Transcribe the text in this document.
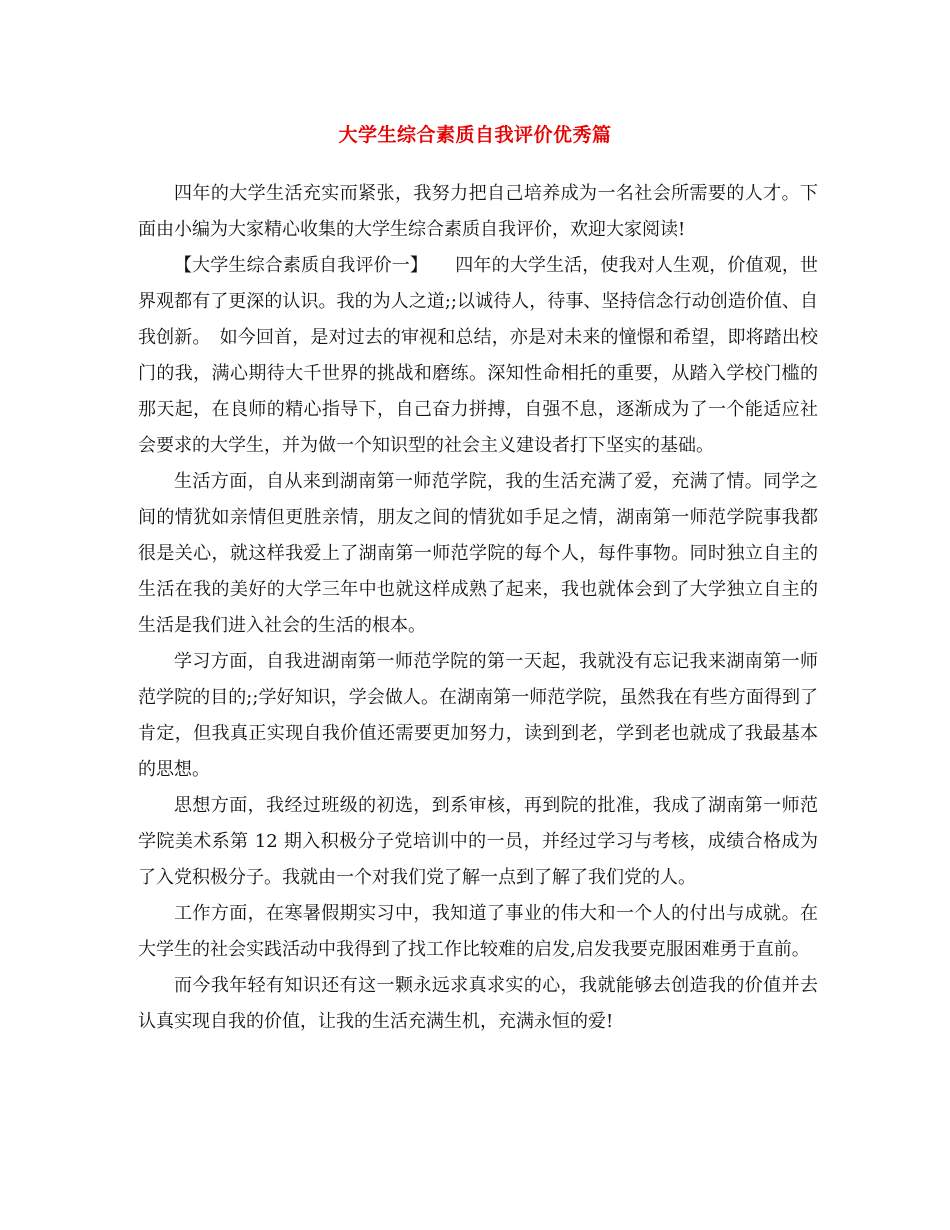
大学生综合素质自我评价优秀篇

四年的大学生活充实而紧张，我努力把自己培养成为一名社会所需要的人才。下面由小编为大家精心收集的大学生综合素质自我评价，欢迎大家阅读!

【大学生综合素质自我评价一】　　四年的大学生活，使我对人生观，价值观，世界观都有了更深的认识。我的为人之道;;以诚待人，待事、坚持信念行动创造价值、自我创新。　如今回首，是对过去的审视和总结，亦是对未来的憧憬和希望，即将踏出校门的我，满心期待大千世界的挑战和磨练。深知性命相托的重要，从踏入学校门槛的那天起，在良师的精心指导下，自己奋力拼搏，自强不息，逐渐成为了一个能适应社会要求的大学生，并为做一个知识型的社会主义建设者打下坚实的基础。

生活方面，自从来到湖南第一师范学院，我的生活充满了爱，充满了情。同学之间的情犹如亲情但更胜亲情，朋友之间的情犹如手足之情，湖南第一师范学院事我都很是关心，就这样我爱上了湖南第一师范学院的每个人，每件事物。同时独立自主的生活在我的美好的大学三年中也就这样成熟了起来，我也就体会到了大学独立自主的生活是我们进入社会的生活的根本。

学习方面，自我进湖南第一师范学院的第一天起，我就没有忘记我来湖南第一师范学院的目的;;学好知识，学会做人。在湖南第一师范学院，虽然我在有些方面得到了肯定，但我真正实现自我价值还需要更加努力，读到到老，学到老也就成了我最基本的思想。

思想方面，我经过班级的初选，到系审核，再到院的批准，我成了湖南第一师范学院美术系第 12 期入积极分子党培训中的一员，并经过学习与考核，成绩合格成为了入党积极分子。我就由一个对我们党了解一点到了解了我们党的人。

工作方面，在寒暑假期实习中，我知道了事业的伟大和一个人的付出与成就。在大学生的社会实践活动中我得到了找工作比较难的启发,启发我要克服困难勇于直前。

而今我年轻有知识还有这一颗永远求真求实的心，我就能够去创造我的价值并去认真实现自我的价值，让我的生活充满生机，充满永恒的爱!
